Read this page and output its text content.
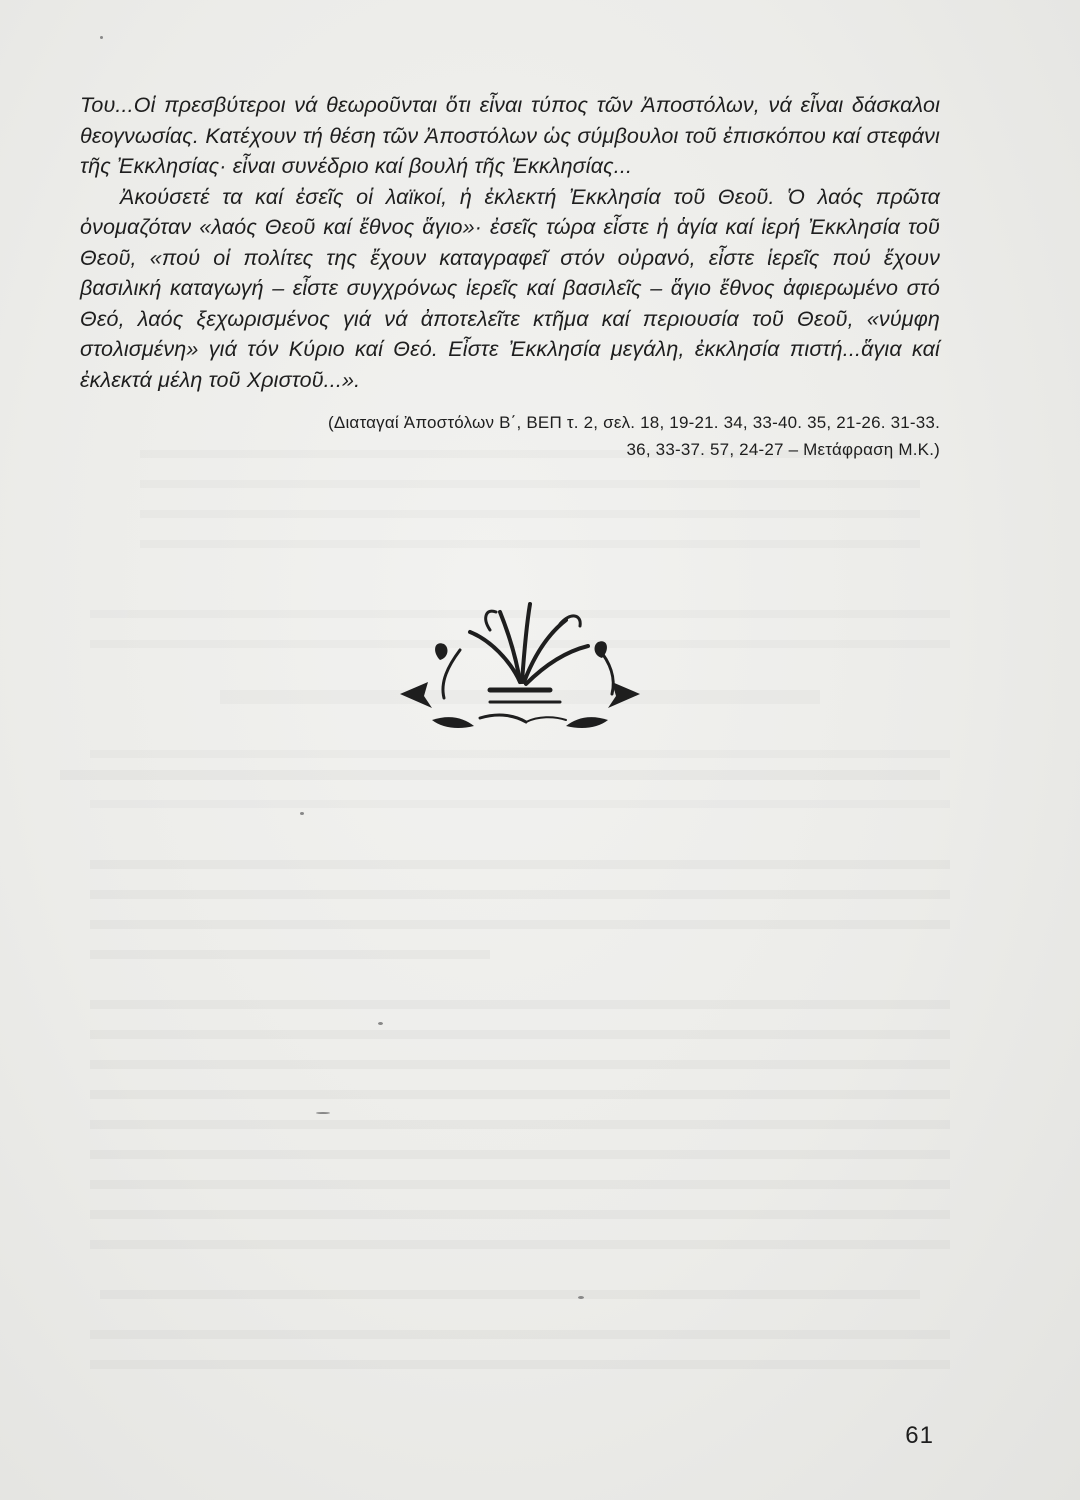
Του...Οἱ πρεσβύτεροι νά θεωροῦνται ὅτι εἶναι τύπος τῶν Ἀποστόλων, νά εἶναι δάσκαλοι θεογνωσίας. Κατέχουν τή θέση τῶν Ἀποστόλων ὡς σύμβουλοι τοῦ ἐπισκόπου καί στεφάνι τῆς Ἐκκλησίας· εἶναι συνέδριο καί βουλή τῆς Ἐκκλησίας...

Ἀκούσετέ τα καί ἐσεῖς οἱ λαϊκοί, ἡ ἐκλεκτή Ἐκκλησία τοῦ Θεοῦ. Ὁ λαός πρῶτα ὀνομαζόταν «λαός Θεοῦ καί ἔθνος ἅγιο»· ἐσεῖς τώρα εἶστε ἡ ἁγία καί ἱερή Ἐκκλησία τοῦ Θεοῦ, «πού οἱ πολίτες της ἔχουν καταγραφεῖ στόν οὐρανό, εἶστε ἱερεῖς πού ἔχουν βασιλική καταγωγή – εἶστε συγχρόνως ἱερεῖς καί βασιλεῖς – ἅγιο ἔθνος ἀφιερωμένο στό Θεό, λαός ξεχωρισμένος γιά νά ἀποτελεῖτε κτῆμα καί περιουσία τοῦ Θεοῦ, «νύμφη στολισμένη» γιά τόν Κύριο καί Θεό. Εἶστε Ἐκκλησία μεγάλη, ἐκκλησία πιστή...ἅγια καί ἐκλεκτά μέλη τοῦ Χριστοῦ...».

(Διαταγαί Ἀποστόλων Β΄, ΒΕΠ τ. 2, σελ. 18, 19-21. 34, 33-40. 35, 21-26. 31-33.
36, 33-37. 57, 24-27 – Μετάφραση Μ.Κ.)
61
